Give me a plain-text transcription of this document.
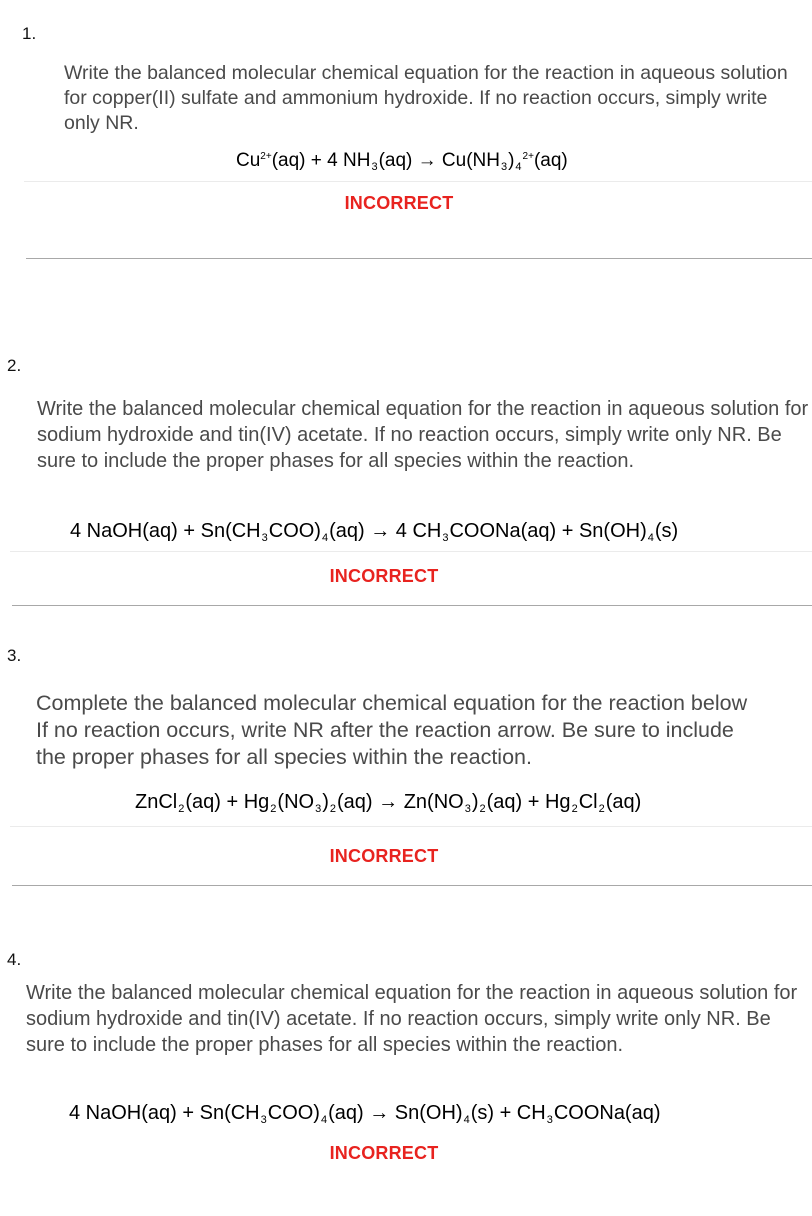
1.
Write the balanced molecular chemical equation for the reaction in aqueous solution for copper(II) sulfate and ammonium hydroxide. If no reaction occurs, simply write only NR.
$Cu^{2+}(aq) + 4$ $NH_3(aq) \to Cu(NH_3)_4^{2+}(aq)$
INCORRECT
2.
Write the balanced molecular chemical equation for the reaction in aqueous solution for sodium hydroxide and tin(IV) acetate. If no reaction occurs, simply write only NR. Be sure to include the proper phases for all species within the reaction.
4 NaOH(aq) + $Sn(CH_3COO)_4(aq) \to 4$ $CH_3COONa(aq) + Sn(OH)_4(s)$
INCORRECT
3.
Complete the balanced molecular chemical equation for the reaction below
If no reaction occurs, write NR after the reaction arrow. Be sure to include
the proper phases for all species within the reaction.
ZnCl$_2$(aq) + $Hg_2(NO_3)_2(aq) \to Zn(NO_3)_2(aq) + Hg_2Cl_2(aq)$
INCORRECT
4.
Write the balanced molecular chemical equation for the reaction in aqueous solution for sodium hydroxide and tin(IV) acetate. If no reaction occurs, simply write only NR. Be sure to include the proper phases for all species within the reaction.
4 NaOH(aq) + $Sn(CH_3COO)_4(aq) \to Sn(OH)_4(s)$ + $CH_3COONa(aq)$
INCORRECT
